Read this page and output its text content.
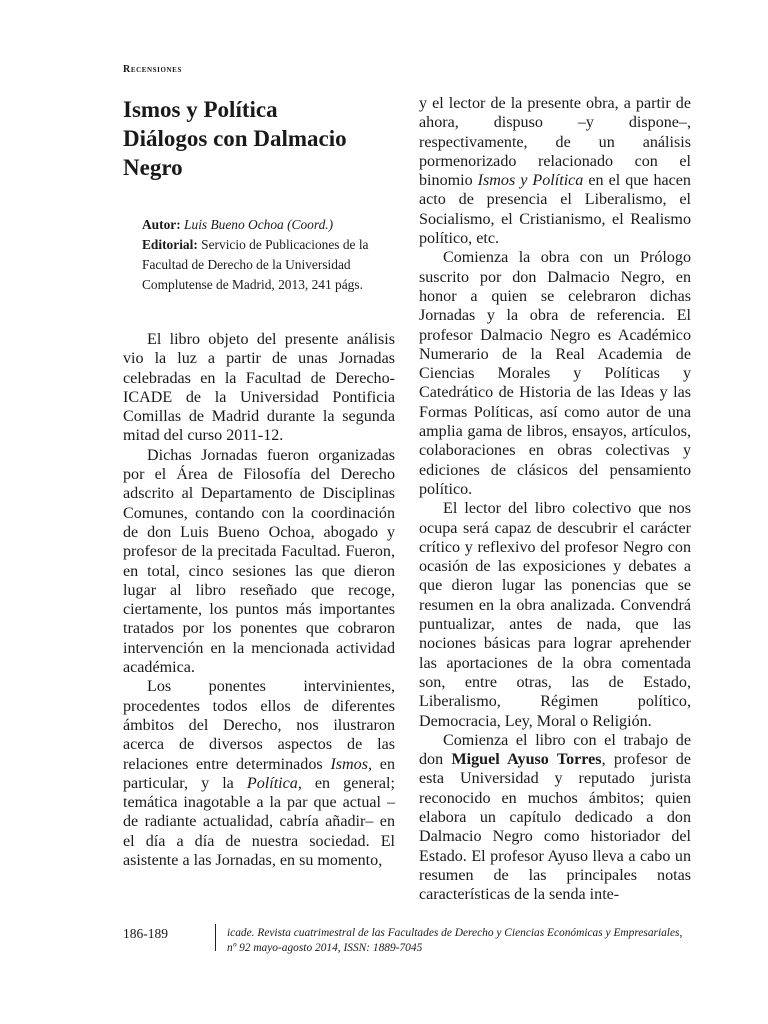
Recensiones
Ismos y Política
Diálogos con Dalmacio
Negro
Autor: Luis Bueno Ochoa (Coord.)
Editorial: Servicio de Publicaciones de la Facultad de Derecho de la Universidad Complutense de Madrid, 2013, 241 págs.

El libro objeto del presente análisis vio la luz a partir de unas Jornadas celebradas en la Facultad de Derecho-ICADE de la Universidad Pontificia Comillas de Madrid durante la segunda mitad del curso 2011-12.

Dichas Jornadas fueron organizadas por el Área de Filosofía del Derecho adscrito al Departamento de Disciplinas Comunes, contando con la coordinación de don Luis Bueno Ochoa, abogado y profesor de la precitada Facultad. Fueron, en total, cinco sesiones las que dieron lugar al libro reseñado que recoge, ciertamente, los puntos más importantes tratados por los ponentes que cobraron intervención en la mencionada actividad académica.

Los ponentes intervinientes, procedentes todos ellos de diferentes ámbitos del Derecho, nos ilustraron acerca de diversos aspectos de las relaciones entre determinados Ismos, en particular, y la Política, en general; temática inagotable a la par que actual –de radiante actualidad, cabría añadir– en el día a día de nuestra sociedad. El asistente a las Jornadas, en su momento,

y el lector de la presente obra, a partir de ahora, dispuso –y dispone–, respectivamente, de un análisis pormenorizado relacionado con el binomio Ismos y Política en el que hacen acto de presencia el Liberalismo, el Socialismo, el Cristianismo, el Realismo político, etc.

Comienza la obra con un Prólogo suscrito por don Dalmacio Negro, en honor a quien se celebraron dichas Jornadas y la obra de referencia. El profesor Dalmacio Negro es Académico Numerario de la Real Academia de Ciencias Morales y Políticas y Catedrático de Historia de las Ideas y las Formas Políticas, así como autor de una amplia gama de libros, ensayos, artículos, colaboraciones en obras colectivas y ediciones de clásicos del pensamiento político.

El lector del libro colectivo que nos ocupa será capaz de descubrir el carácter crítico y reflexivo del profesor Negro con ocasión de las exposiciones y debates a que dieron lugar las ponencias que se resumen en la obra analizada. Convendrá puntualizar, antes de nada, que las nociones básicas para lograr aprehender las aportaciones de la obra comentada son, entre otras, las de Estado, Liberalismo, Régimen político, Democracia, Ley, Moral o Religión.

Comienza el libro con el trabajo de don Miguel Ayuso Torres, profesor de esta Universidad y reputado jurista reconocido en muchos ámbitos; quien elabora un capítulo dedicado a don Dalmacio Negro como historiador del Estado. El profesor Ayuso lleva a cabo un resumen de las principales notas características de la senda inte-

186-189	icade. Revista cuatrimestral de las Facultades de Derecho y Ciencias Económicas y Empresariales,
nº 92 mayo-agosto 2014, ISSN: 1889-7045
